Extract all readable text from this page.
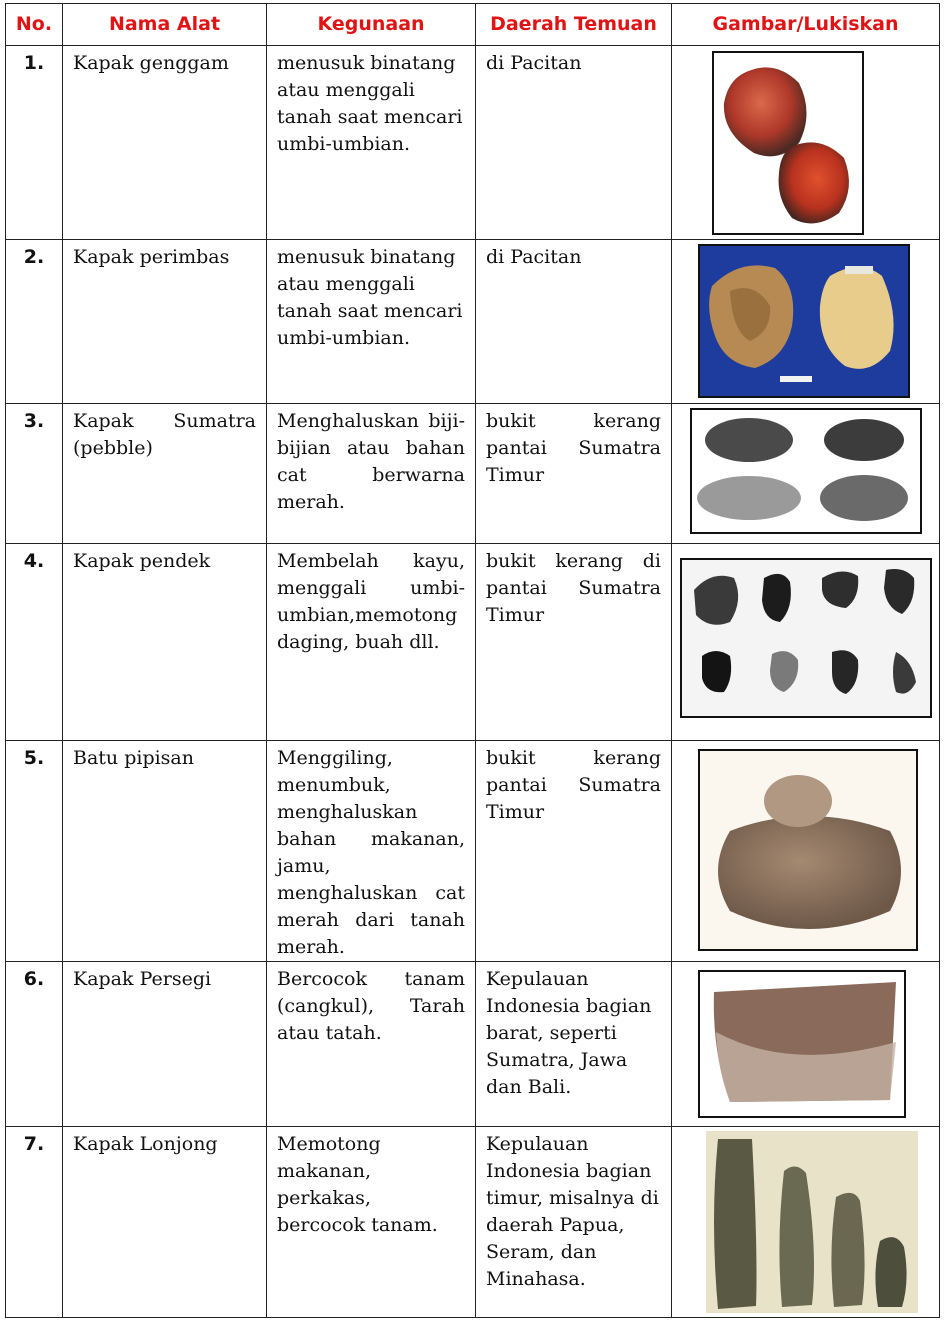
No.	Nama Alat	Kegunaan	Daerah Temuan	Gambar/Lukiskan
1.	Kapak genggam	menusuk binatang atau menggali tanah saat mencari umbi-umbian.	di Pacitan	

2.	Kapak perimbas	menusuk binatang atau menggali tanah saat mencari umbi-umbian.	di Pacitan	

3.	Kapak Sumatra (pebble)	Menghaluskan biji-bijian atau bahan cat berwarna merah.	bukit kerang pantai Sumatra Timur	

4.	Kapak pendek	Membelah kayu, menggali umbi-umbian,memotong daging, buah dll.	bukit kerang di pantai Sumatra Timur	

5.	Batu pipisan	Menggiling, menumbuk, menghaluskan bahan makanan, jamu, menghaluskan cat merah dari tanah merah.	bukit kerang pantai Sumatra Timur	

6.	Kapak Persegi	Bercocok tanam (cangkul), Tarah atau tatah.	Kepulauan Indonesia bagian barat, seperti Sumatra, Jawa dan Bali.	

7.	Kapak Lonjong	Memotong makanan, perkakas, bercocok tanam.	Kepulauan Indonesia bagian timur, misalnya di daerah Papua, Seram, dan Minahasa.	
